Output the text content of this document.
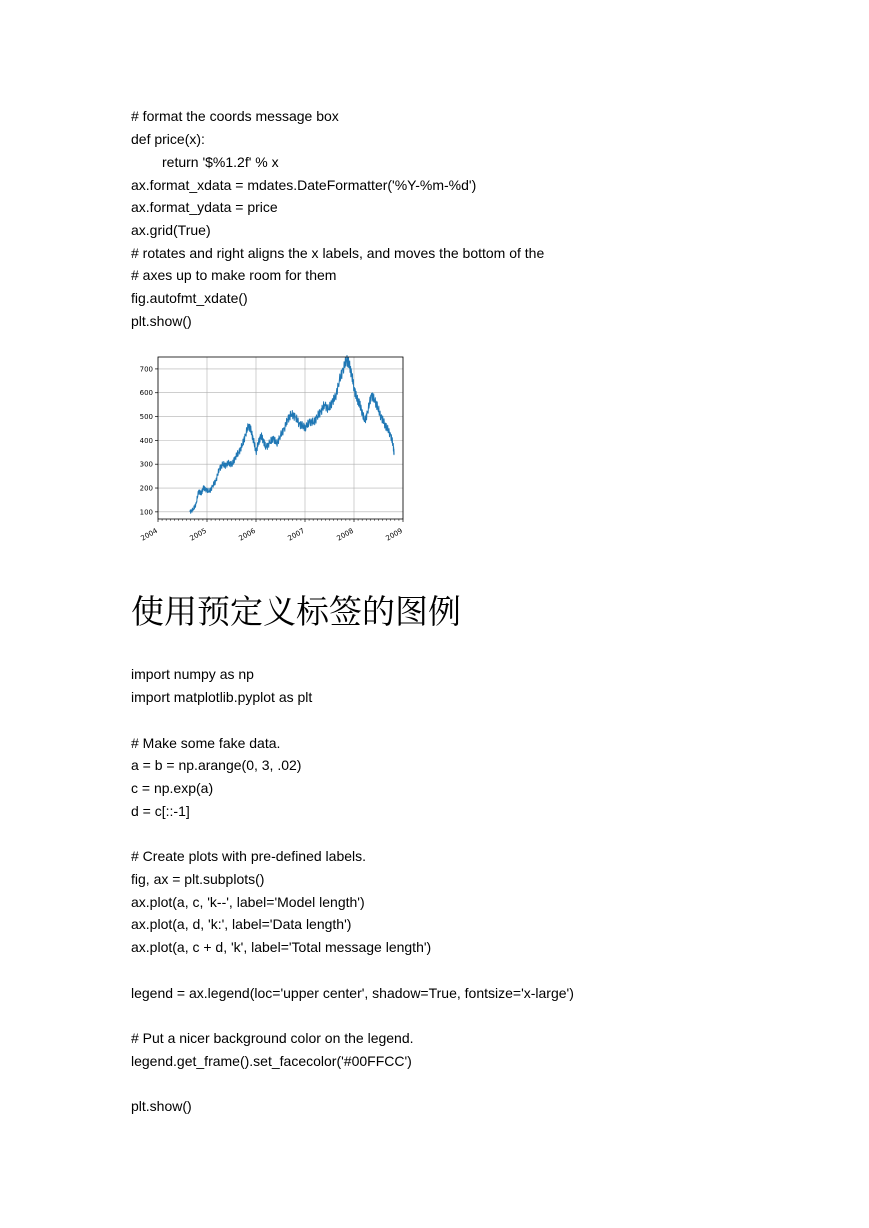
# format the coords message box
def price(x):
return '$%1.2f' % x
ax.format_xdata = mdates.DateFormatter('%Y-%m-%d')
ax.format_ydata = price
ax.grid(True)
# rotates and right aligns the x labels, and moves the bottom of the
# axes up to make room for them
fig.autofmt_xdate()
plt.show()
100
200
300
400
500
600
700
2004	2005	2006	2007	2008	2009
使用预定义标签的图例
import numpy as np
import matplotlib.pyplot as plt
# Make some fake data.
a = b = np.arange(0, 3, .02)
c = np.exp(a)
d = c[::-1]
# Create plots with pre-defined labels.
fig, ax = plt.subplots()
ax.plot(a, c, 'k--', label='Model length')
ax.plot(a, d, 'k:', label='Data length')
ax.plot(a, c + d, 'k', label='Total message length')
legend = ax.legend(loc='upper center', shadow=True, fontsize='x-large')
# Put a nicer background color on the legend.
legend.get_frame().set_facecolor('#00FFCC')
plt.show()
